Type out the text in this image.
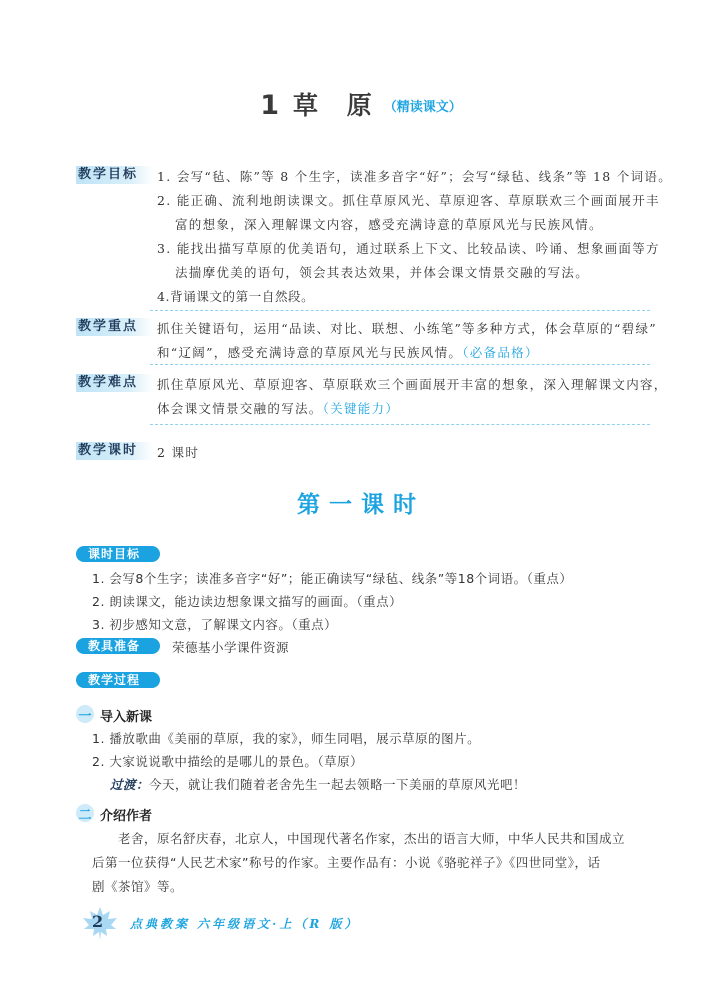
1 草 原 （精读课文）
教学目标	1. 会写“毡、陈”等 8 个生字，读准多音字“好”；会写“绿毡、线条”等 18 个词语。
2. 能正确、流利地朗读课文。抓住草原风光、草原迎客、草原联欢三个画面展开丰
富的想象，深入理解课文内容，感受充满诗意的草原风光与民族风情。
3. 能找出描写草原的优美语句，通过联系上下文、比较品读、吟诵、想象画面等方
法揣摩优美的语句，领会其表达效果，并体会课文情景交融的写法。
4.背诵课文的第一自然段。
教学重点	抓住关键语句，运用“品读、对比、联想、小练笔”等多种方式，体会草原的“碧绿”
和“辽阔”，感受充满诗意的草原风光与民族风情。（必备品格）
教学难点	抓住草原风光、草原迎客、草原联欢三个画面展开丰富的想象，深入理解课文内容，
体会课文情景交融的写法。（关键能力）
教学课时	2 课时
第一课时
课时目标
1. 会写8个生字；读准多音字“好”；能正确读写“绿毡、线条”等18个词语。（重点）
2. 朗读课文，能边读边想象课文描写的画面。（重点）
3. 初步感知文意，了解课文内容。（重点）
教具准备	荣德基小学课件资源
教学过程
一 导入新课
1. 播放歌曲《美丽的草原，我的家》，师生同唱，展示草原的图片。
2. 大家说说歌中描绘的是哪儿的景色。（草原）
过渡：今天，就让我们随着老舍先生一起去领略一下美丽的草原风光吧！
二 介绍作者
老舍，原名舒庆春，北京人，中国现代著名作家，杰出的语言大师，中华人民共和国成立
后第一位获得“人民艺术家”称号的作家。主要作品有：小说《骆驼祥子》《四世同堂》，话
剧《茶馆》等。
2 点典教案 六年级语文·上（R 版）
